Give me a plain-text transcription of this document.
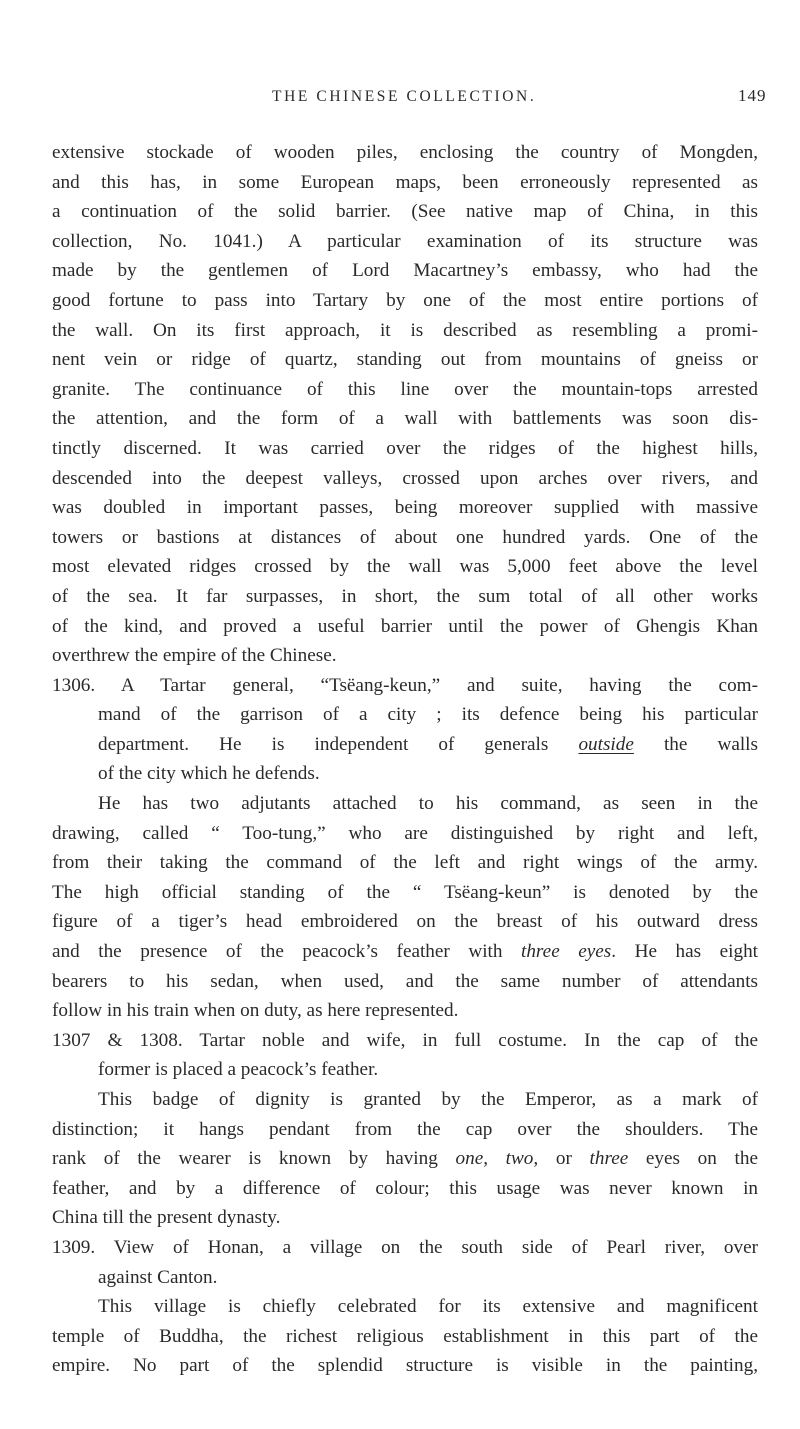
THE CHINESE COLLECTION.	149
extensive stockade of wooden piles, enclosing the country of Mongden,
and this has, in some European maps, been erroneously represented as
a continuation of the solid barrier. (See native map of China, in this
collection, No. 1041.) A particular examination of its structure was
made by the gentlemen of Lord Macartney’s embassy, who had the
good fortune to pass into Tartary by one of the most entire portions of
the wall. On its first approach, it is described as resembling a promi-
nent vein or ridge of quartz, standing out from mountains of gneiss or
granite. The continuance of this line over the mountain-tops arrested
the attention, and the form of a wall with battlements was soon dis-
tinctly discerned. It was carried over the ridges of the highest hills,
descended into the deepest valleys, crossed upon arches over rivers, and
was doubled in important passes, being moreover supplied with massive
towers or bastions at distances of about one hundred yards. One of the
most elevated ridges crossed by the wall was 5,000 feet above the level
of the sea. It far surpasses, in short, the sum total of all other works
of the kind, and proved a useful barrier until the power of Ghengis Khan
overthrew the empire of the Chinese.
1306. A Tartar general, “Tsëang-keun,” and suite, having the com-
mand of the garrison of a city ; its defence being his particular
department. He is independent of generals outside the walls
of the city which he defends.
He has two adjutants attached to his command, as seen in the
drawing, called “ Too-tung,” who are distinguished by right and left,
from their taking the command of the left and right wings of the army.
The high official standing of the “ Tsëang-keun” is denoted by the
figure of a tiger’s head embroidered on the breast of his outward dress
and the presence of the peacock’s feather with three eyes. He has eight
bearers to his sedan, when used, and the same number of attendants
follow in his train when on duty, as here represented.
1307 & 1308. Tartar noble and wife, in full costume. In the cap of the
former is placed a peacock’s feather.
This badge of dignity is granted by the Emperor, as a mark of
distinction; it hangs pendant from the cap over the shoulders. The
rank of the wearer is known by having one, two, or three eyes on the
feather, and by a difference of colour; this usage was never known in
China till the present dynasty.
1309. View of Honan, a village on the south side of Pearl river, over
against Canton.
This village is chiefly celebrated for its extensive and magnificent
temple of Buddha, the richest religious establishment in this part of the
empire. No part of the splendid structure is visible in the painting,
